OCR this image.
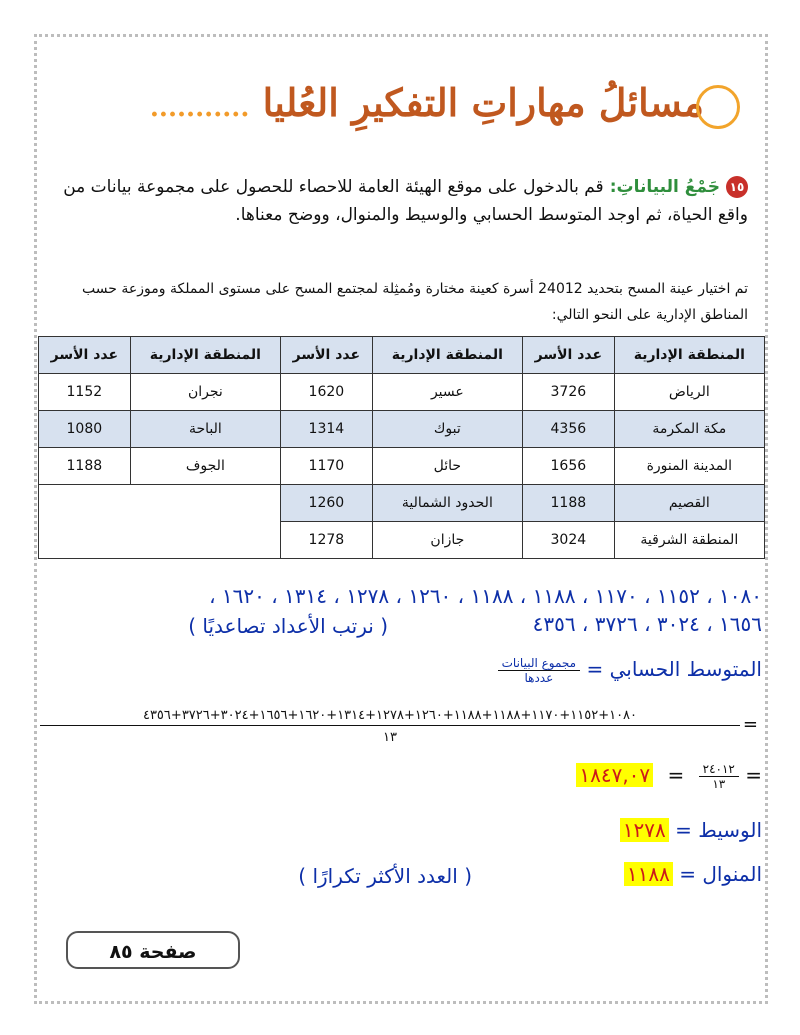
مسائلُ مهاراتِ التفكيرِ العُليا ...........
١٥جَمْعُ البياناتِ:قم بالدخول على موقع الهيئة العامة للاحصاء للحصول على مجموعة بيانات من واقع الحياة، ثم اوجد المتوسط الحسابي والوسيط والمنوال، ووضح معناها.
تم اختيار عينة المسح بتحديد 24012 أسرة كعينة مختارة ومُمثِلة لمجتمع المسح على مستوى المملكة وموزعة حسب المناطق الإدارية على النحو التالي:
المنطقة الإدارية	عدد الأسر	المنطقة الإدارية	عدد الأسر	المنطقة الإدارية	عدد الأسر
الرياض	3726	عسير	1620	نجران	1152
مكة المكرمة	4356	تبوك	1314	الباحة	1080
المدينة المنورة	1656	حائل	1170	الجوف	1188
القصيم	1188	الحدود الشمالية	1260		
المنطقة الشرقية	3024	جازان	1278		
١٠٨٠ ، ١١٥٢ ، ١١٧٠ ، ١١٨٨ ، ١١٨٨ ، ١٢٦٠ ، ١٢٧٨ ، ١٣١٤ ، ١٦٢٠ ،
١٦٥٦ ، ٣٠٢٤ ، ٣٧٢٦ ، ٤٣٥٦
( نرتب الأعداد تصاعديًا )
المتوسط الحسابي =
$\frac{\text{مجموع البيانات}}{\text{عددها}}$
=
١٠٨٠+١١٥٢+١١٧٠+١١٨٨+١١٨٨+١٢٦٠+١٢٧٨+١٣١٤+١٦٢٠+١٦٥٦+٣٠٢٤+٣٧٢٦+٤٣٥٦
١٣
=
$\frac{٢٤٠١٢}{١٣}$
= ١٨٤٧,٠٧
الوسيط = ١٢٧٨
المنوال = ١١٨٨
( العدد الأكثر تكرارًا )
صفحة ٨٥
